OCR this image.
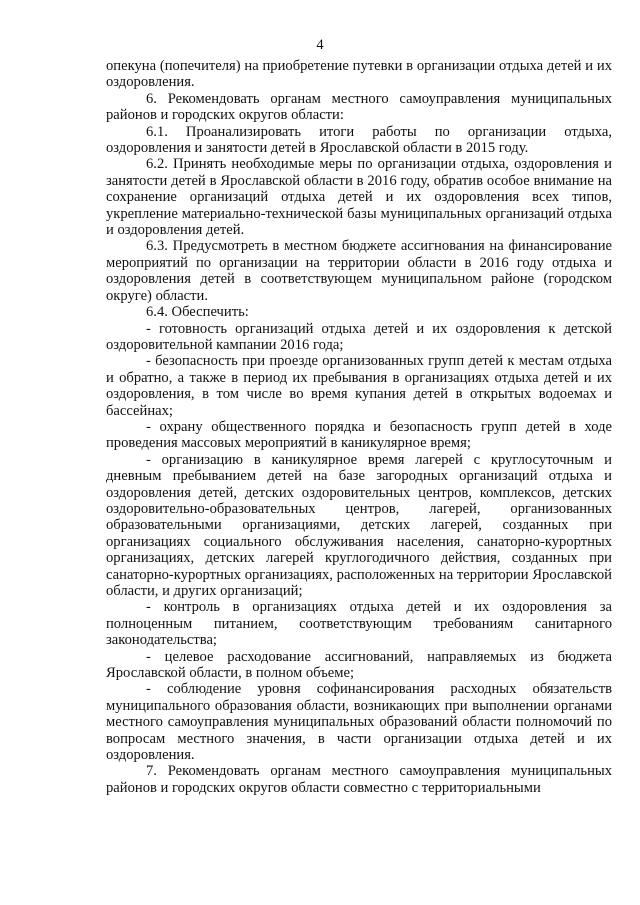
4

опекуна (попечителя) на приобретение путевки в организации отдыха детей и их оздоровления.

6. Рекомендовать органам местного самоуправления муниципальных районов и городских округов области:

6.1. Проанализировать итоги работы по организации отдыха, оздоровления и занятости детей в Ярославской области в 2015 году.

6.2. Принять необходимые меры по организации отдыха, оздоровления и занятости детей в Ярославской области в 2016 году, обратив особое внимание на сохранение организаций отдыха детей и их оздоровления всех типов, укрепление материально-технической базы муниципальных организаций отдыха и оздоровления детей.

6.3. Предусмотреть в местном бюджете ассигнования на финансирование мероприятий по организации на территории области в 2016 году отдыха и оздоровления детей в соответствующем муниципальном районе (городском округе) области.

6.4. Обеспечить:

- готовность организаций отдыха детей и их оздоровления к детской оздоровительной кампании 2016 года;

- безопасность при проезде организованных групп детей к местам отдыха и обратно, а также в период их пребывания в организациях отдыха детей и их оздоровления, в том числе во время купания детей в открытых водоемах и бассейнах;

- охрану общественного порядка и безопасность групп детей в ходе проведения массовых мероприятий в каникулярное время;

- организацию в каникулярное время лагерей с круглосуточным и дневным пребыванием детей на базе загородных организаций отдыха и оздоровления детей, детских оздоровительных центров, комплексов, детских оздоровительно-образовательных центров, лагерей, организованных образовательными организациями, детских лагерей, созданных при организациях социального обслуживания населения, санаторно-курортных организациях, детских лагерей круглогодичного действия, созданных при санаторно-курортных организациях, расположенных на территории Ярославской области, и других организаций;

- контроль в организациях отдыха детей и их оздоровления за полноценным питанием, соответствующим требованиям санитарного законодательства;

- целевое расходование ассигнований, направляемых из бюджета Ярославской области, в полном объеме;

- соблюдение уровня софинансирования расходных обязательств муниципального образования области, возникающих при выполнении органами местного самоуправления муниципальных образований области полномочий по вопросам местного значения, в части организации отдыха детей и их оздоровления.

7. Рекомендовать органам местного самоуправления муниципальных районов и городских округов области совместно с территориальными
